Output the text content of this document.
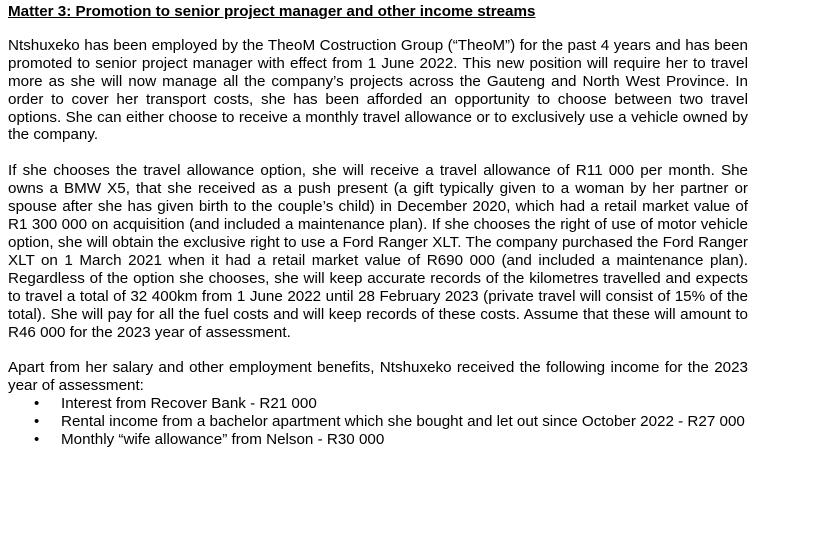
Matter 3: Promotion to senior project manager and other income streams

Ntshuxeko has been employed by the TheoM Costruction Group (“TheoM”) for the past 4 years and has been promoted to senior project manager with effect from 1 June 2022. This new position will require her to travel more as she will now manage all the company’s projects across the Gauteng and North West Province. In order to cover her transport costs, she has been afforded an opportunity to choose between two travel options. She can either choose to receive a monthly travel allowance or to exclusively use a vehicle owned by the company.

If she chooses the travel allowance option, she will receive a travel allowance of R11 000 per month. She owns a BMW X5, that she received as a push present (a gift typically given to a woman by her partner or spouse after she has given birth to the couple’s child) in December 2020, which had a retail market value of R1 300 000 on acquisition (and included a maintenance plan). If she chooses the right of use of motor vehicle option, she will obtain the exclusive right to use a Ford Ranger XLT. The company purchased the Ford Ranger XLT on 1 March 2021 when it had a retail market value of R690 000 (and included a maintenance plan). Regardless of the option she chooses, she will keep accurate records of the kilometres travelled and expects to travel a total of 32 400km from 1 June 2022 until 28 February 2023 (private travel will consist of 15% of the total). She will pay for all the fuel costs and will keep records of these costs. Assume that these will amount to R46 000 for the 2023 year of assessment.

Apart from her salary and other employment benefits, Ntshuxeko received the following income for the 2023 year of assessment:

• Interest from Recover Bank - R21 000
• Rental income from a bachelor apartment which she bought and let out since October 2022 - R27 000
• Monthly “wife allowance” from Nelson - R30 000
